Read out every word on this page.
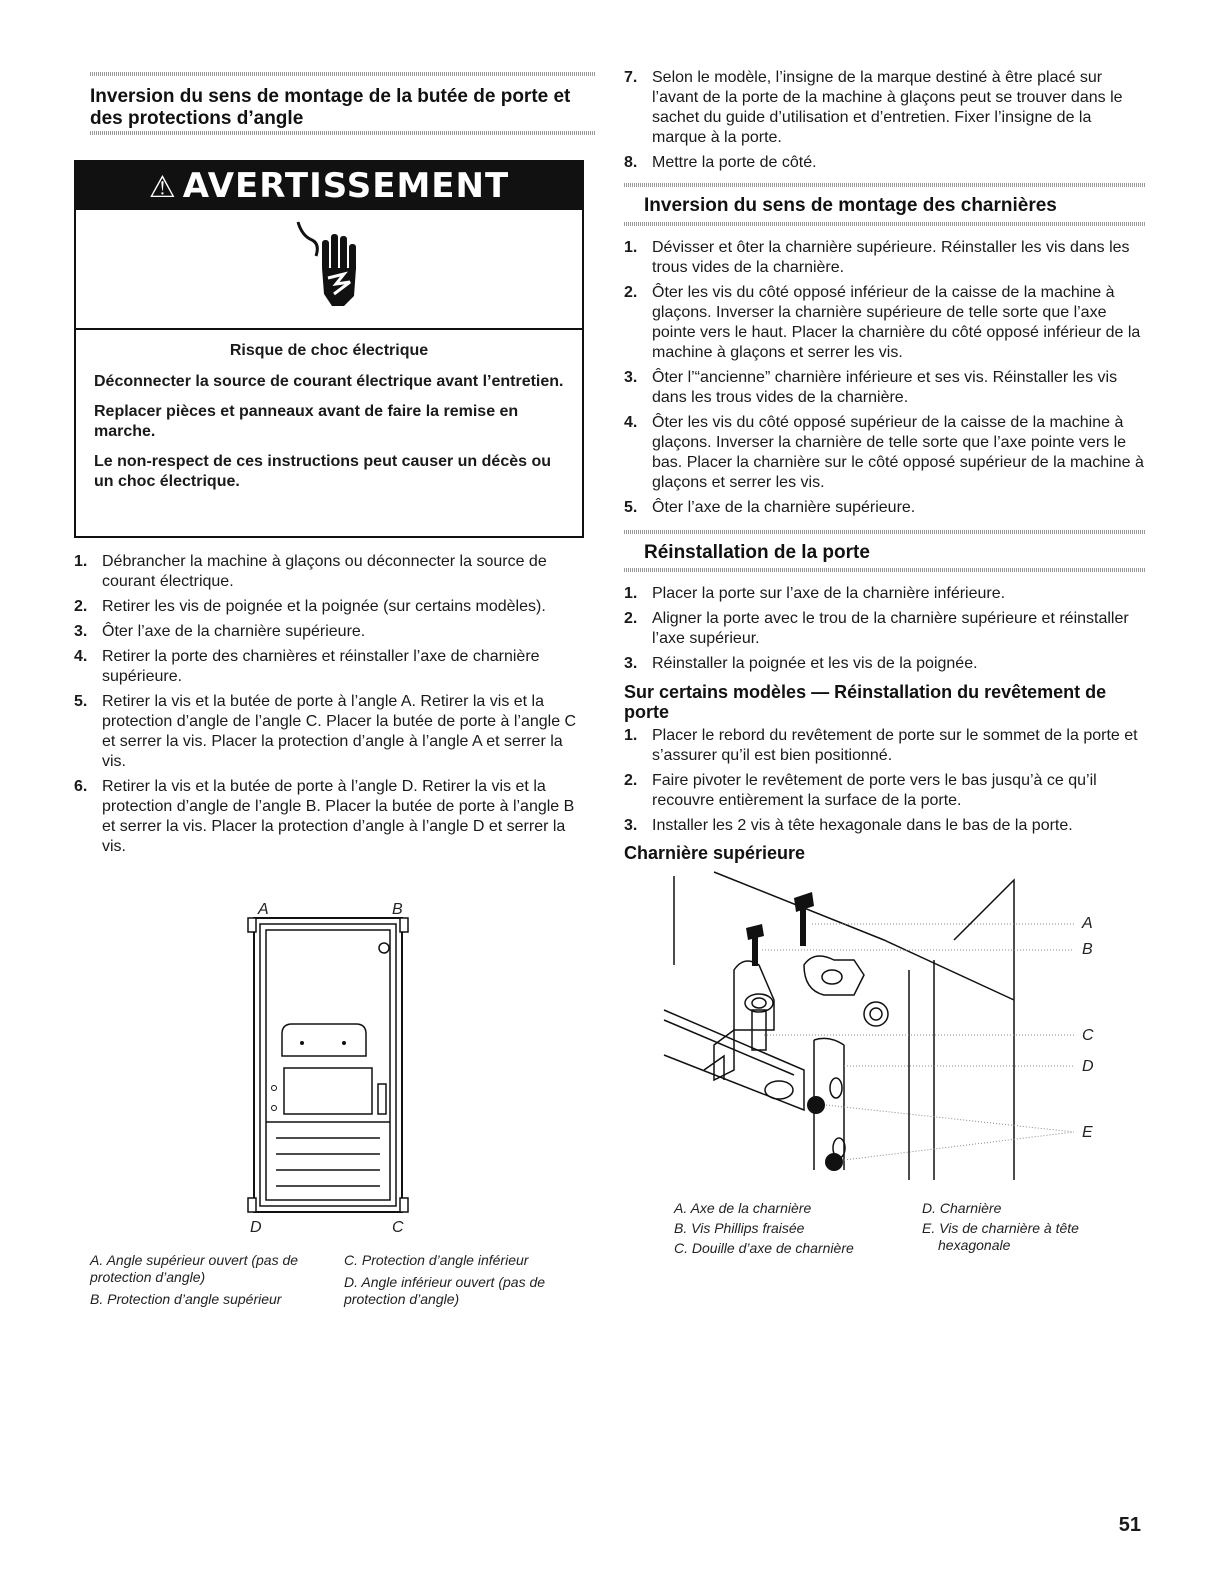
Inversion du sens de montage de la butée de porte et des protections d’angle
⚠ AVERTISSEMENT
Risque de choc électrique

Déconnecter la source de courant électrique avant l’entretien.

Replacer pièces et panneaux avant de faire la remise en marche.

Le non-respect de ces instructions peut causer un décès ou un choc électrique.

1. Débrancher la machine à glaçons ou déconnecter la source de courant électrique.
2. Retirer les vis de poignée et la poignée (sur certains modèles).
3. Ôter l’axe de la charnière supérieure.
4. Retirer la porte des charnières et réinstaller l’axe de charnière supérieure.
5. Retirer la vis et la butée de porte à l’angle A. Retirer la vis et la protection d’angle de l’angle C. Placer la butée de porte à l’angle C et serrer la vis. Placer la protection d’angle à l’angle A et serrer la vis.
6. Retirer la vis et la butée de porte à l’angle D. Retirer la vis et la protection d’angle de l’angle B. Placer la butée de porte à l’angle B et serrer la vis. Placer la protection d’angle à l’angle D et serrer la vis.
A	B
D	C
A. Angle supérieur ouvert (pas de protection d’angle)
B. Protection d’angle supérieur
C. Protection d’angle inférieur
D. Angle inférieur ouvert (pas de protection d’angle)
7. Selon le modèle, l’insigne de la marque destiné à être placé sur l’avant de la porte de la machine à glaçons peut se trouver dans le sachet du guide d’utilisation et d’entretien. Fixer l’insigne de la marque à la porte.
8. Mettre la porte de côté.
Inversion du sens de montage des charnières
1. Dévisser et ôter la charnière supérieure. Réinstaller les vis dans les trous vides de la charnière.
2. Ôter les vis du côté opposé inférieur de la caisse de la machine à glaçons. Inverser la charnière supérieure de telle sorte que l’axe pointe vers le haut. Placer la charnière du côté opposé inférieur de la machine à glaçons et serrer les vis.
3. Ôter l’“ancienne” charnière inférieure et ses vis. Réinstaller les vis dans les trous vides de la charnière.
4. Ôter les vis du côté opposé supérieur de la caisse de la machine à glaçons. Inverser la charnière de telle sorte que l’axe pointe vers le bas. Placer la charnière sur le côté opposé supérieur de la machine à glaçons et serrer les vis.
5. Ôter l’axe de la charnière supérieure.
Réinstallation de la porte
1. Placer la porte sur l’axe de la charnière inférieure.
2. Aligner la porte avec le trou de la charnière supérieure et réinstaller l’axe supérieur.
3. Réinstaller la poignée et les vis de la poignée.
Sur certains modèles — Réinstallation du revêtement de porte
1. Placer le rebord du revêtement de porte sur le sommet de la porte et s’assurer qu’il est bien positionné.
2. Faire pivoter le revêtement de porte vers le bas jusqu’à ce qu’il recouvre entièrement la surface de la porte.
3. Installer les 2 vis à tête hexagonale dans le bas de la porte.
Charnière supérieure
A
B
C
D
E
A. Axe de la charnière
B. Vis Phillips fraisée
C. Douille d’axe de charnière
D. Charnière
E. Vis de charnière à tête hexagonale
51
